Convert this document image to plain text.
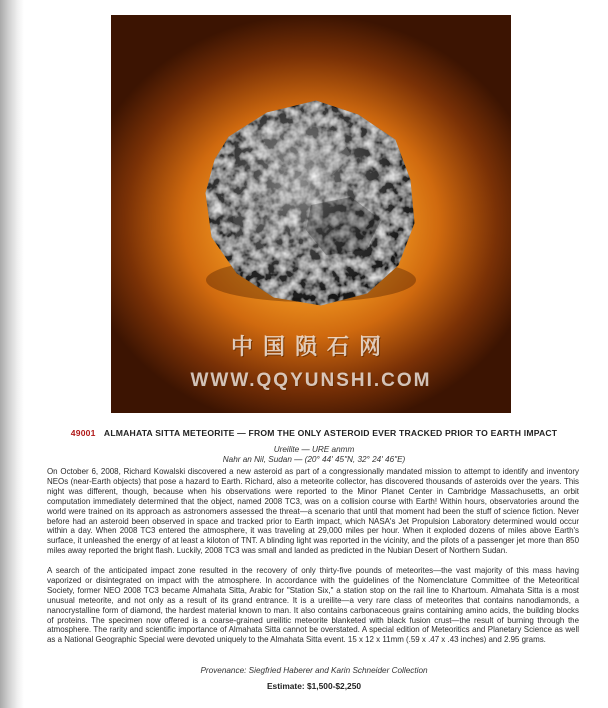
中国陨石网
WWW.QQYUNSHI.COM
49001 ALMAHATA SITTA METEORITE — FROM THE ONLY ASTEROID EVER TRACKED PRIOR TO EARTH IMPACT
Ureilite — URE anmm
Nahr an Nil, Sudan — (20° 44' 45"N, 32° 24' 46"E)

On October 6, 2008, Richard Kowalski discovered a new asteroid as part of a congressionally mandated mission to attempt to identify and inventory NEOs (near-Earth objects) that pose a hazard to Earth. Richard, also a meteorite collector, has discovered thousands of asteroids over the years. This night was different, though, because when his observations were reported to the Minor Planet Center in Cambridge Massachusetts, an orbit computation immediately determined that the object, named 2008 TC3, was on a collision course with Earth! Within hours, observatories around the world were trained on its approach as astronomers assessed the threat—a scenario that until that moment had been the stuff of science fiction. Never before had an asteroid been observed in space and tracked prior to Earth impact, which NASA's Jet Propulsion Laboratory determined would occur within a day. When 2008 TC3 entered the atmosphere, it was traveling at 29,000 miles per hour. When it exploded dozens of miles above Earth's surface, it unleashed the energy of at least a kiloton of TNT. A blinding light was reported in the vicinity, and the pilots of a passenger jet more than 850 miles away reported the bright flash. Luckily, 2008 TC3 was small and landed as predicted in the Nubian Desert of Northern Sudan.

A search of the anticipated impact zone resulted in the recovery of only thirty-five pounds of meteorites—the vast majority of this mass having vaporized or disintegrated on impact with the atmosphere. In accordance with the guidelines of the Nomenclature Committee of the Meteoritical Society, former NEO 2008 TC3 became Almahata Sitta, Arabic for "Station Six," a station stop on the rail line to Khartoum. Almahata Sitta is a most unusual meteorite, and not only as a result of its grand entrance. It is a ureilite—a very rare class of meteorites that contains nanodiamonds, a nanocrystalline form of diamond, the hardest material known to man. It also contains carbonaceous grains containing amino acids, the building blocks of proteins. The specimen now offered is a coarse-grained ureilitic meteorite blanketed with black fusion crust—the result of burning through the atmosphere. The rarity and scientific importance of Almahata Sitta cannot be overstated. A special edition of Meteoritics and Planetary Science as well as a National Geographic Special were devoted uniquely to the Almahata Sitta event. 15 x 12 x 11mm (.59 x .47 x .43 inches) and 2.95 grams.

Provenance: Siegfried Haberer and Karin Schneider Collection
Estimate: $1,500-$2,250
